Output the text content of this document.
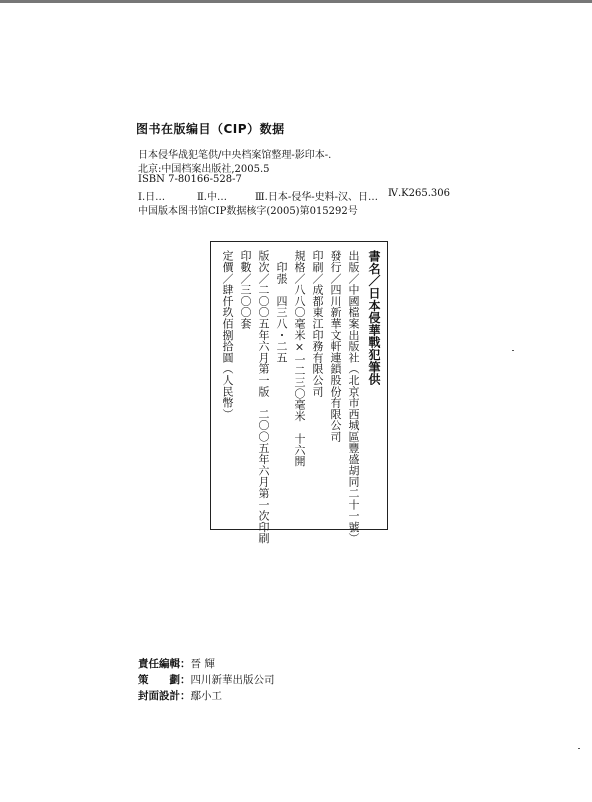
图书在版编目（CIP）数据
日本侵华战犯笔供/中央档案馆整理-影印本-.
北京:中国档案出版社,2005.5
ISBN 7-80166-528-7
Ⅰ.日…	Ⅱ.中…	Ⅲ.日本-侵华-史料-汉、日… Ⅳ.K265.306
中国版本图书馆CIP数据核字(2005)第015292号
書名／日本侵華戰犯筆供
出版／中國檔案出版社（北京市西城區豐盛胡同二十一號）
發行／四川新華文軒連鎖股份有限公司
印刷／成都東江印務有限公司
規格／八八〇毫米×一二三〇毫米　十六開
　印張　四三八・二五
版次／二〇〇五年六月第一版　二〇〇五年六月第一次印刷
印數／三〇〇套
定價／肆仟玖佰捌拾圓（人民幣）
責任編輯：晉 輝
策　　劃：四川新華出版公司
封面設計：鄢小工
